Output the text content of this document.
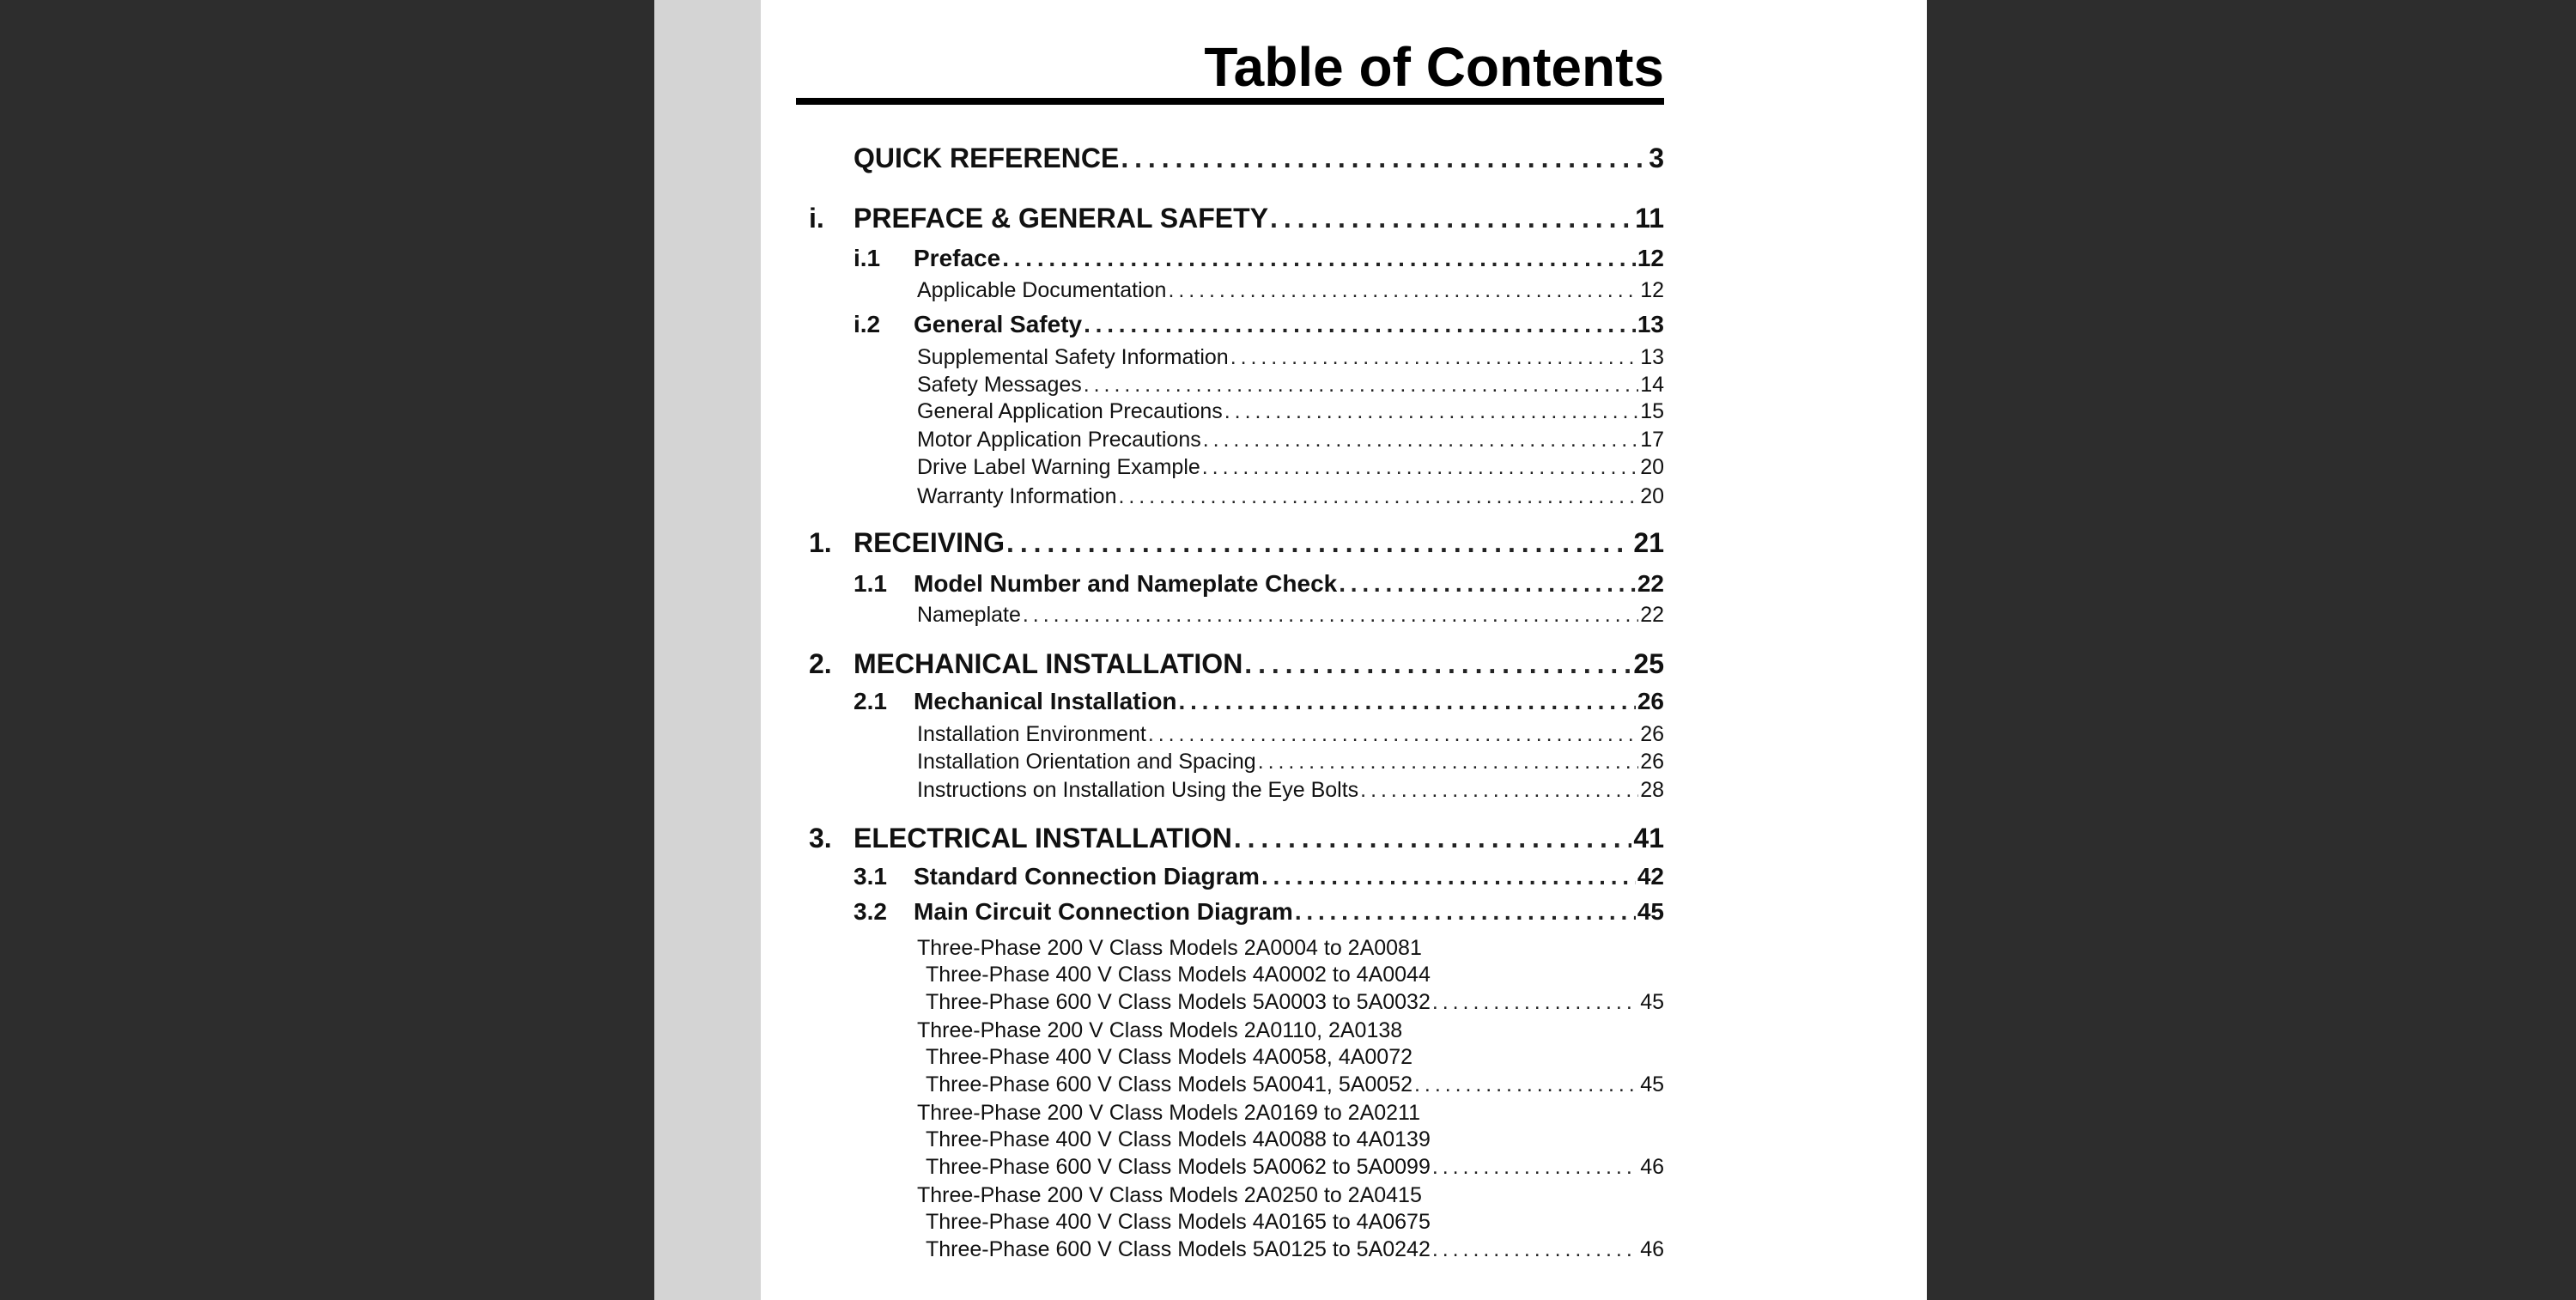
Table of Contents
QUICK REFERENCE . . .	3
i. PREFACE & GENERAL SAFETY . . .	11
i.1 Preface . . .	12
Applicable Documentation . . .	12
i.2 General Safety . . .	13
Supplemental Safety Information . . .	13
Safety Messages . . .	14
General Application Precautions . . .	15
Motor Application Precautions . . .	17
Drive Label Warning Example . . .	20
Warranty Information . . .	20
1. RECEIVING . . .	21
1.1 Model Number and Nameplate Check . . .	22
Nameplate . . .	22
2. MECHANICAL INSTALLATION . . .	25
2.1 Mechanical Installation . . .	26
Installation Environment . . .	26
Installation Orientation and Spacing . . .	26
Instructions on Installation Using the Eye Bolts . . .	28
3. ELECTRICAL INSTALLATION . . .	41
3.1 Standard Connection Diagram . . .	42
3.2 Main Circuit Connection Diagram . . .	45
Three-Phase 200 V Class Models 2A0004 to 2A0081
Three-Phase 400 V Class Models 4A0002 to 4A0044
Three-Phase 600 V Class Models 5A0003 to 5A0032 . . .	45
Three-Phase 200 V Class Models 2A0110, 2A0138
Three-Phase 400 V Class Models 4A0058, 4A0072
Three-Phase 600 V Class Models 5A0041, 5A0052 . . .	45
Three-Phase 200 V Class Models 2A0169 to 2A0211
Three-Phase 400 V Class Models 4A0088 to 4A0139
Three-Phase 600 V Class Models 5A0062 to 5A0099 . . .	46
Three-Phase 200 V Class Models 2A0250 to 2A0415
Three-Phase 400 V Class Models 4A0165 to 4A0675
Three-Phase 600 V Class Models 5A0125 to 5A0242 . . .	46
